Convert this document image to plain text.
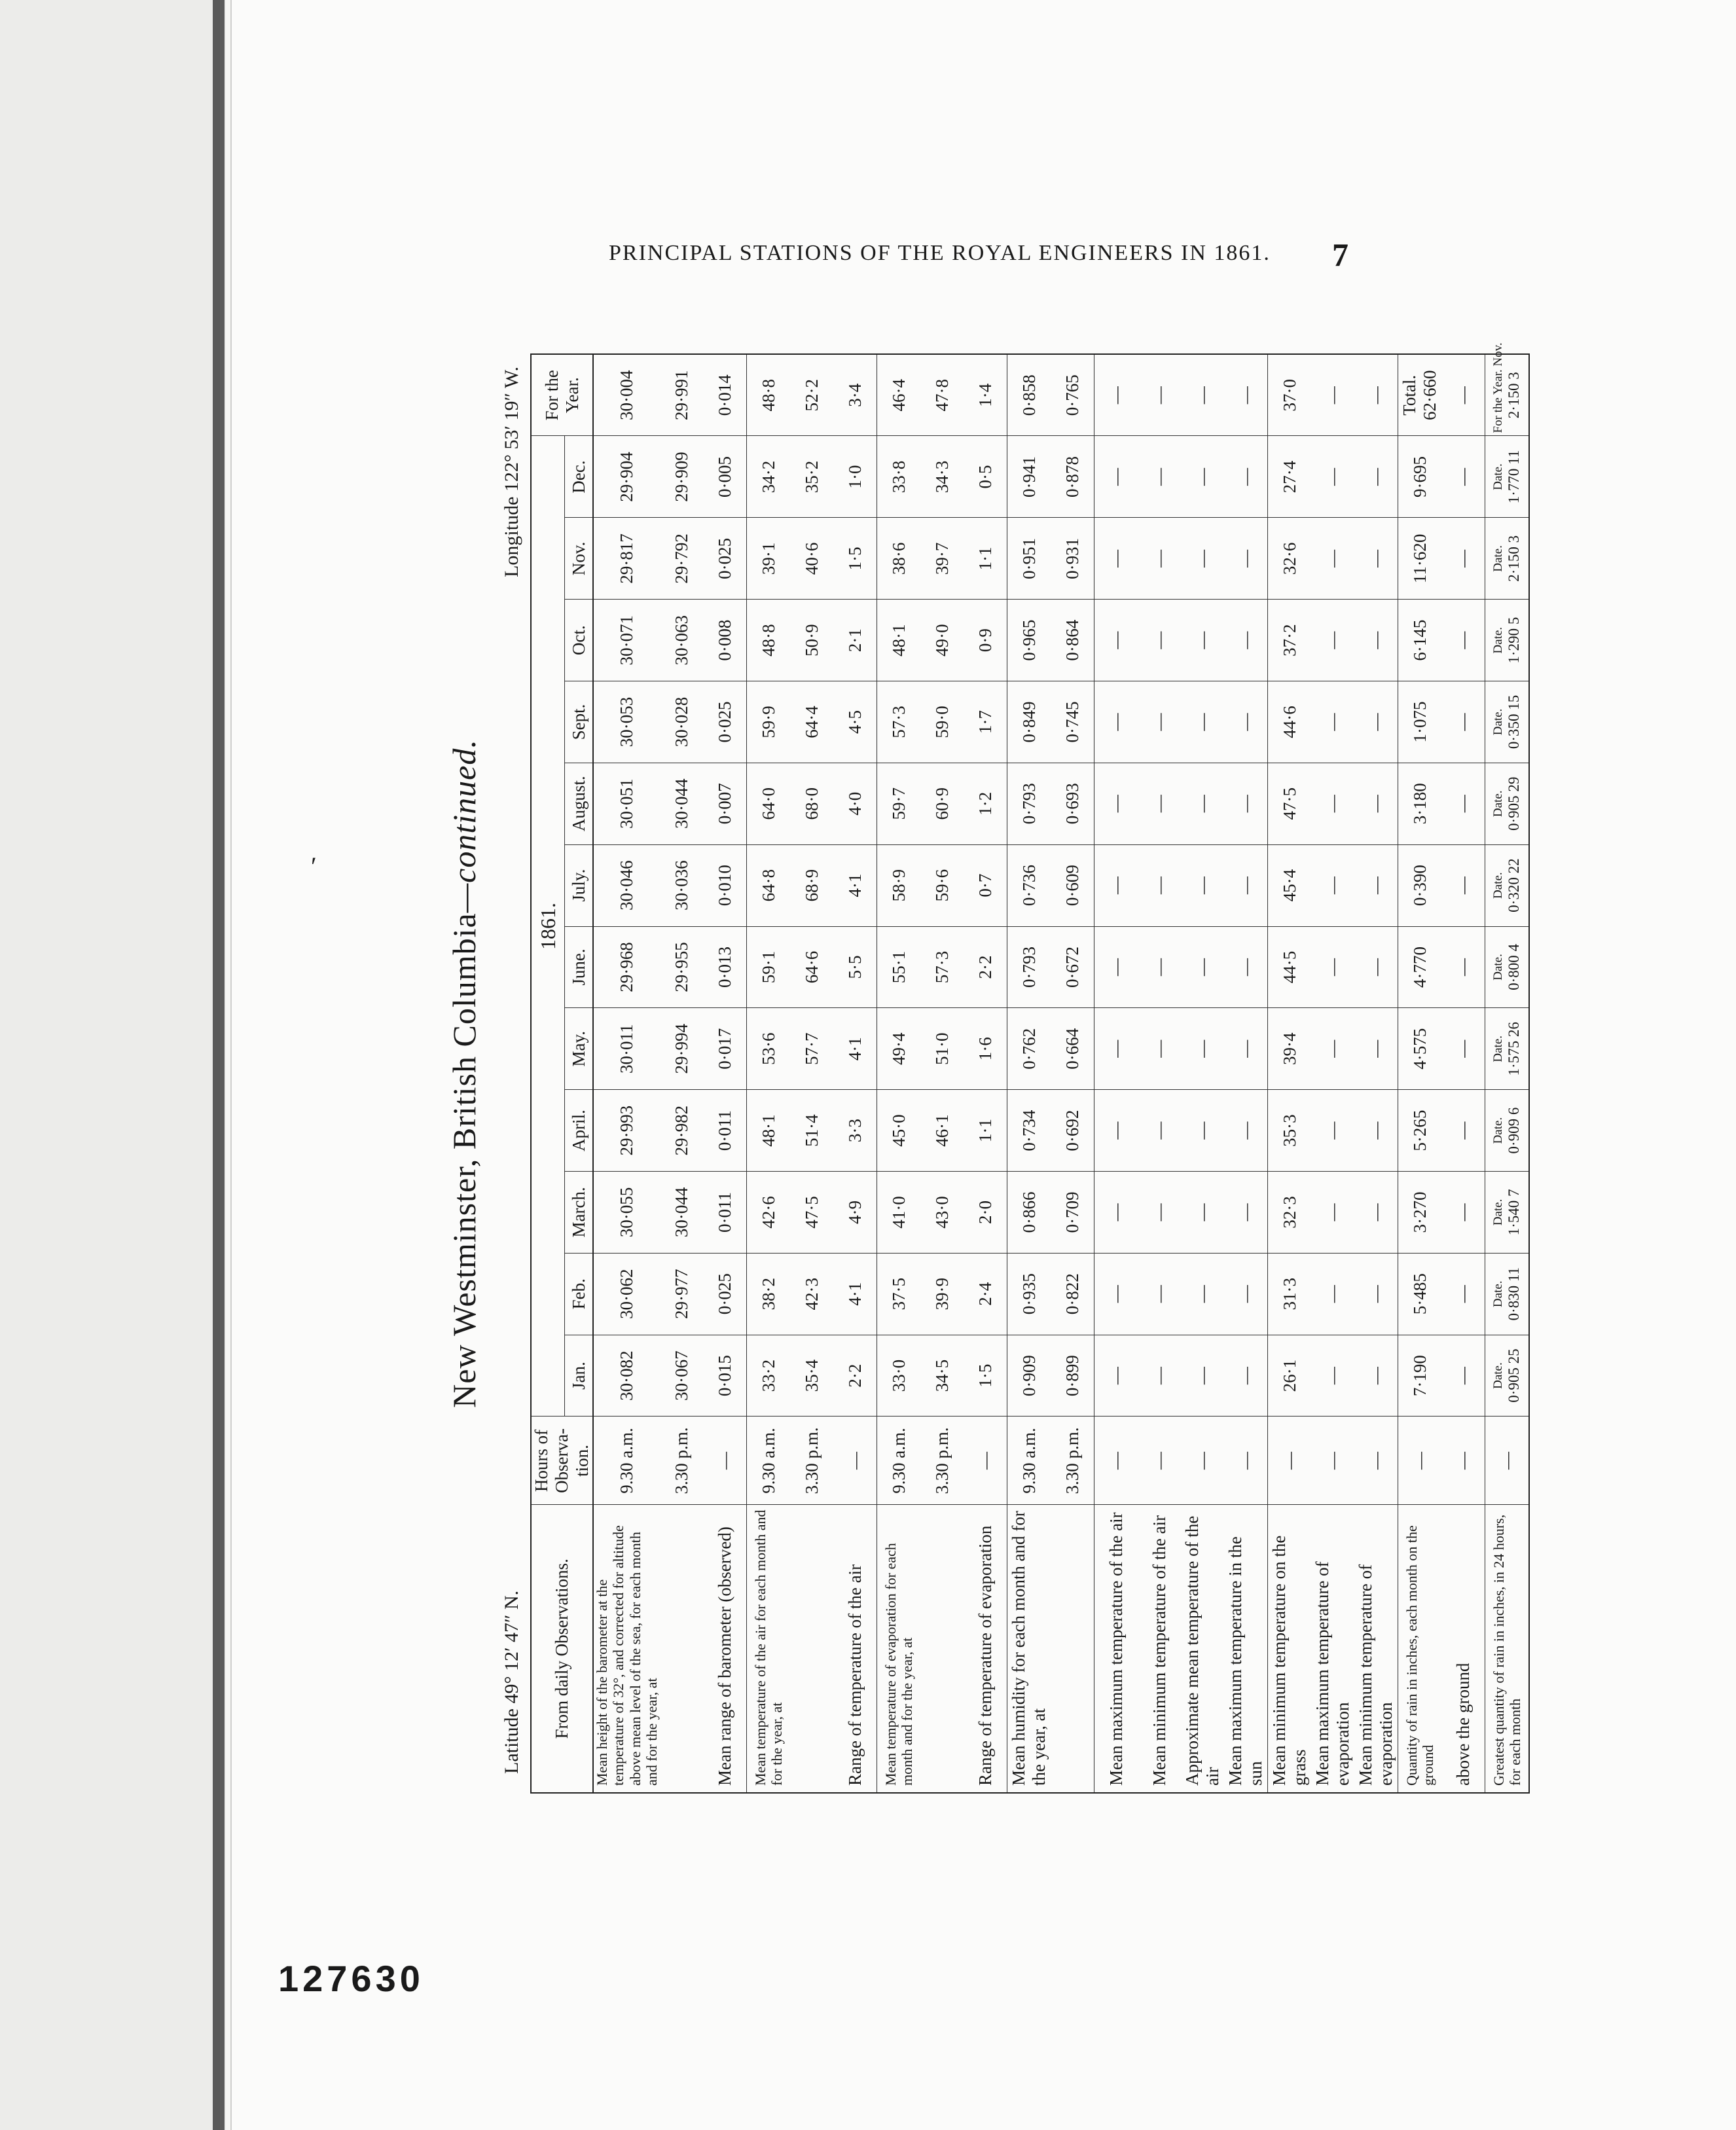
PRINCIPAL STATIONS OF THE ROYAL ENGINEERS IN 1861. 7
′
127630
New Westminster, British Columbia—continued.
Latitude 49° 12′ 47″ N.
Longitude 122° 53′ 19″ W.
From daily Observations.	Hours of Observa-tion.	1861.												For the Year.
		Jan.	Feb.	March.	April.	May.	June.	July.	August.	Sept.	Oct.	Nov.	Dec.	
Mean height of the barometer at the temperature of 32°, and corrected for altitude above mean level of the sea, for each month and for the year, at	9.30 a.m.	30·082	30·062	30·055	29·993	30·011	29·968	30·046	30·051	30·053	30·071	29·817	29·904	30·004
	3.30 p.m.	30·067	29·977	30·044	29·982	29·994	29·955	30·036	30·044	30·028	30·063	29·792	29·909	29·991
Mean range of barometer (observed)	—	0·015	0·025	0·011	0·011	0·017	0·013	0·010	0·007	0·025	0·008	0·025	0·005	0·014
Mean temperature of the air for each month and for the year, at	9.30 a.m.	33·2	38·2	42·6	48·1	53·6	59·1	64·8	64·0	59·9	48·8	39·1	34·2	48·8
	3.30 p.m.	35·4	42·3	47·5	51·4	57·7	64·6	68·9	68·0	64·4	50·9	40·6	35·2	52·2
Range of temperature of the air	—	2·2	4·1	4·9	3·3	4·1	5·5	4·1	4·0	4·5	2·1	1·5	1·0	3·4
Mean temperature of evaporation for each month and for the year, at	9.30 a.m.	33·0	37·5	41·0	45·0	49·4	55·1	58·9	59·7	57·3	48·1	38·6	33·8	46·4
	3.30 p.m.	34·5	39·9	43·0	46·1	51·0	57·3	59·6	60·9	59·0	49·0	39·7	34·3	47·8
Range of temperature of evaporation	—	1·5	2·4	2·0	1·1	1·6	2·2	0·7	1·2	1·7	0·9	1·1	0·5	1·4
Mean humidity for each month and for the year, at	9.30 a.m.	0·909	0·935	0·866	0·734	0·762	0·793	0·736	0·793	0·849	0·965	0·951	0·941	0·858
	3.30 p.m.	0·899	0·822	0·709	0·692	0·664	0·672	0·609	0·693	0·745	0·864	0·931	0·878	0·765
Mean maximum temperature of the air	—	—	—	—	—	—	—	—	—	—	—	—	—	—
Mean minimum temperature of the air	—	—	—	—	—	—	—	—	—	—	—	—	—	—
Approximate mean temperature of the air	—	—	—	—	—	—	—	—	—	—	—	—	—	—
Mean maximum temperature in the sun	—	—	—	—	—	—	—	—	—	—	—	—	—	—
Mean minimum temperature on the grass	—	26·1	31·3	32·3	35·3	39·4	44·5	45·4	47·5	44·6	37·2	32·6	27·4	37·0
Mean maximum temperature of evaporation	—	—	—	—	—	—	—	—	—	—	—	—	—	—
Mean minimum temperature of evaporation	—	—	—	—	—	—	—	—	—	—	—	—	—	—
Quantity of rain in inches, each month on the ground	—	7·190	5·485	3·270	5·265	4·575	4·770	0·390	3·180	1·075	6·145	11·620	9·695	Total. 62·660
above the ground	—	—	—	—	—	—	—	—	—	—	—	—	—	—
Greatest quantity of rain in inches, in 24 hours, for each month	—	Date. 0·905 25	Date. 0·830 11	Date. 1·540 7	Date. 0·909 6	Date. 1·575 26	Date. 0·800 4	Date. 0·320 22	Date. 0·905 29	Date. 0·350 15	Date. 1·290 5	Date. 2·150 3	Date. 1·770 11	For the Year. Nov. 2·150 3
